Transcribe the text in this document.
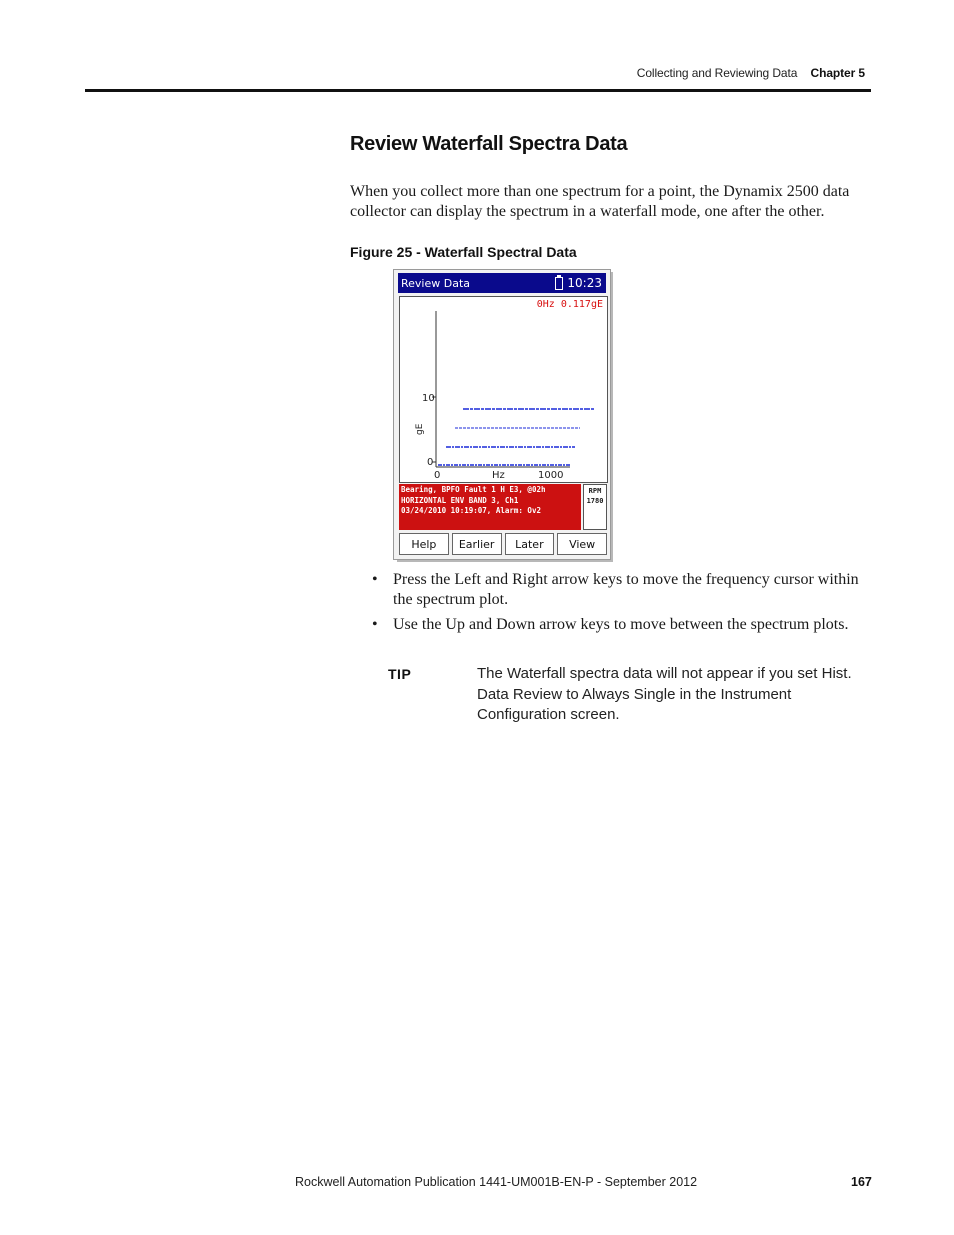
Collecting and Reviewing Data Chapter 5
Review Waterfall Spectra Data
When you collect more than one spectrum for a point, the Dynamix 2500 data collector can display the spectrum in a waterfall mode, one after the other.
Figure 25 - Waterfall Spectral Data
Review Data	10:23
0Hz 0.117gE
10
0
gE
0	Hz	1000
Bearing, BPFO Fault 1 H E3, @02h
HORIZONTAL ENV BAND 3, Ch1
03/24/2010 10:19:07, Alarm: Ov2
RPM
1780
Help	Earlier	Later	View
• Press the Left and Right arrow keys to move the frequency cursor within the spectrum plot.
• Use the Up and Down arrow keys to move between the spectrum plots.
TIP	The Waterfall spectra data will not appear if you set Hist. Data Review to Always Single in the Instrument Configuration screen.
Rockwell Automation Publication 1441-UM001B-EN-P - September 2012	167
